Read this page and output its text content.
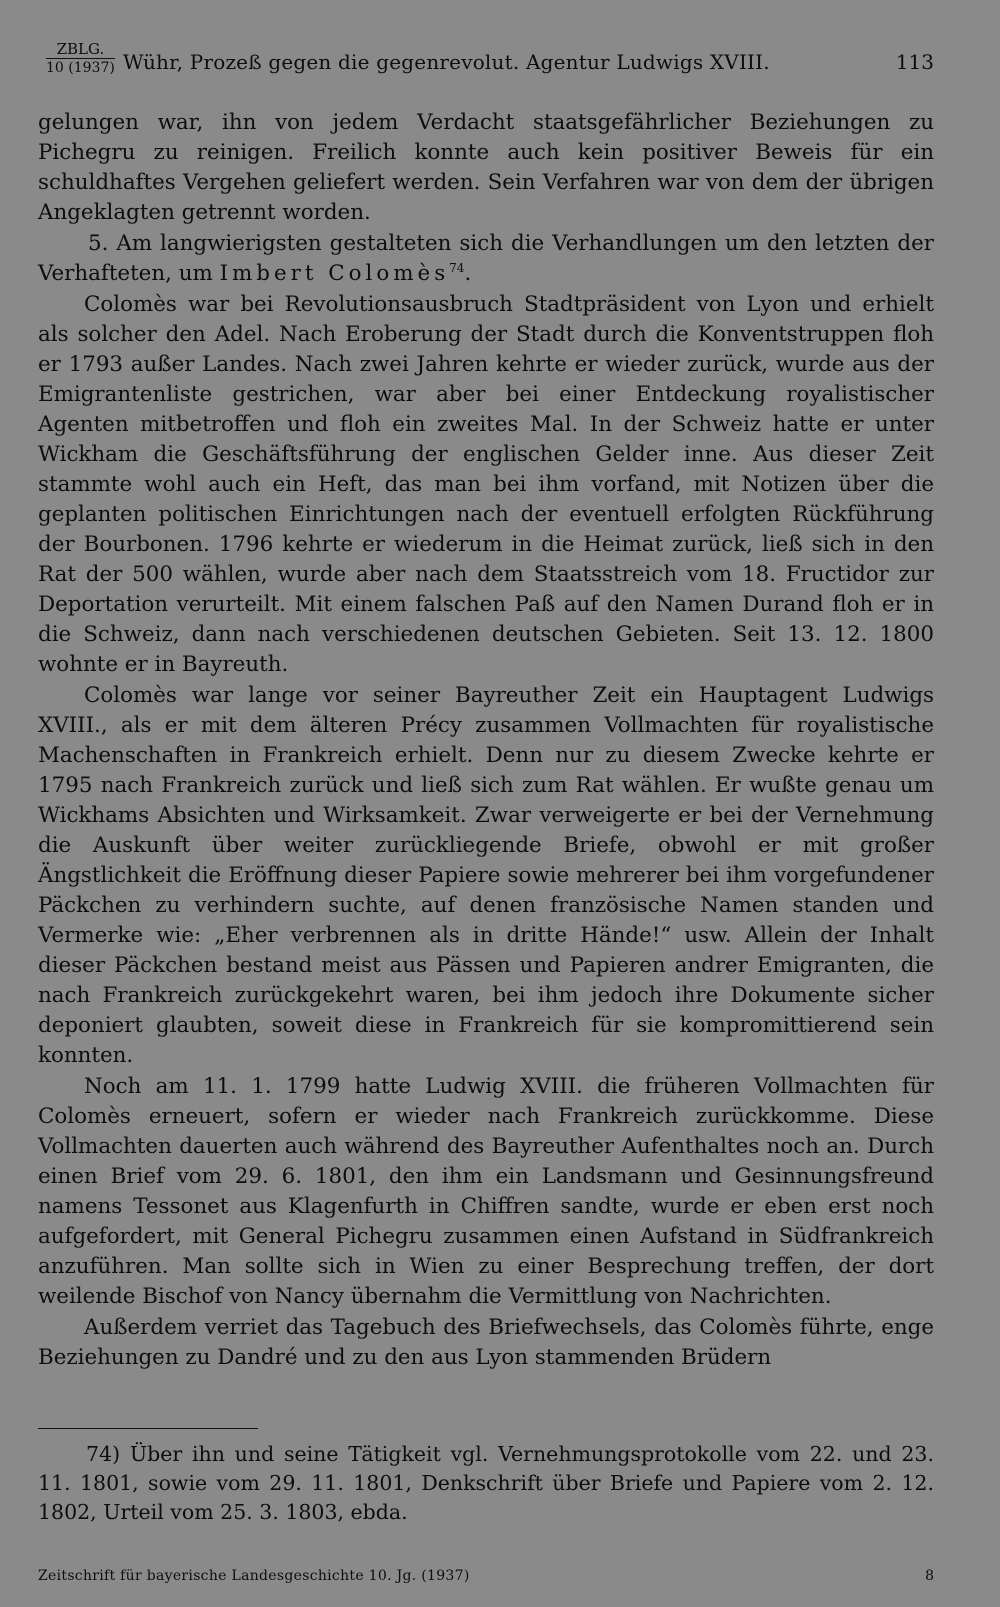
ZBLG.
10 (1937) Wühr, Prozeß gegen die gegenrevolut. Agentur Ludwigs XVIII.	113

gelungen war, ihn von jedem Verdacht staatsgefährlicher Beziehungen zu Pichegru zu reinigen. Freilich konnte auch kein positiver Beweis für ein schuldhaftes Vergehen geliefert werden. Sein Verfahren war von dem der übrigen Angeklagten getrennt worden.

5. Am langwierigsten gestalteten sich die Verhandlungen um den letzten der Verhafteten, um Imbert Colomès$^{74}$.

Colomès war bei Revolutionsausbruch Stadtpräsident von Lyon und erhielt als solcher den Adel. Nach Eroberung der Stadt durch die Konventstruppen floh er 1793 außer Landes. Nach zwei Jahren kehrte er wieder zurück, wurde aus der Emigrantenliste gestrichen, war aber bei einer Entdeckung royalistischer Agenten mitbetroffen und floh ein zweites Mal. In der Schweiz hatte er unter Wickham die Geschäftsführung der englischen Gelder inne. Aus dieser Zeit stammte wohl auch ein Heft, das man bei ihm vorfand, mit Notizen über die geplanten politischen Einrichtungen nach der eventuell erfolgten Rückführung der Bourbonen. 1796 kehrte er wiederum in die Heimat zurück, ließ sich in den Rat der 500 wählen, wurde aber nach dem Staatsstreich vom 18. Fructidor zur Deportation verurteilt. Mit einem falschen Paß auf den Namen Durand floh er in die Schweiz, dann nach verschiedenen deutschen Gebieten. Seit 13. 12. 1800 wohnte er in Bayreuth.

Colomès war lange vor seiner Bayreuther Zeit ein Hauptagent Ludwigs XVIII., als er mit dem älteren Précy zusammen Vollmachten für royalistische Machenschaften in Frankreich erhielt. Denn nur zu diesem Zwecke kehrte er 1795 nach Frankreich zurück und ließ sich zum Rat wählen. Er wußte genau um Wickhams Absichten und Wirksamkeit. Zwar verweigerte er bei der Vernehmung die Auskunft über weiter zurückliegende Briefe, obwohl er mit großer Ängstlichkeit die Eröffnung dieser Papiere sowie mehrerer bei ihm vorgefundener Päckchen zu verhindern suchte, auf denen französische Namen standen und Vermerke wie: „Eher verbrennen als in dritte Hände!“ usw. Allein der Inhalt dieser Päckchen bestand meist aus Pässen und Papieren andrer Emigranten, die nach Frankreich zurückgekehrt waren, bei ihm jedoch ihre Dokumente sicher deponiert glaubten, soweit diese in Frankreich für sie kompromittierend sein konnten.

Noch am 11. 1. 1799 hatte Ludwig XVIII. die früheren Vollmachten für Colomès erneuert, sofern er wieder nach Frankreich zurückkomme. Diese Vollmachten dauerten auch während des Bayreuther Aufenthaltes noch an. Durch einen Brief vom 29. 6. 1801, den ihm ein Landsmann und Gesinnungsfreund namens Tessonet aus Klagenfurth in Chiffren sandte, wurde er eben erst noch aufgefordert, mit General Pichegru zusammen einen Aufstand in Südfrankreich anzuführen. Man sollte sich in Wien zu einer Besprechung treffen, der dort weilende Bischof von Nancy übernahm die Vermittlung von Nachrichten.

Außerdem verriet das Tagebuch des Briefwechsels, das Colomès führte, enge Beziehungen zu Dandré und zu den aus Lyon stammenden Brüdern

74) Über ihn und seine Tätigkeit vgl. Vernehmungsprotokolle vom 22. und 23. 11. 1801, sowie vom 29. 11. 1801, Denkschrift über Briefe und Papiere vom 2. 12. 1802, Urteil vom 25. 3. 1803, ebda.
Zeitschrift für bayerische Landesgeschichte 10. Jg. (1937)	8
